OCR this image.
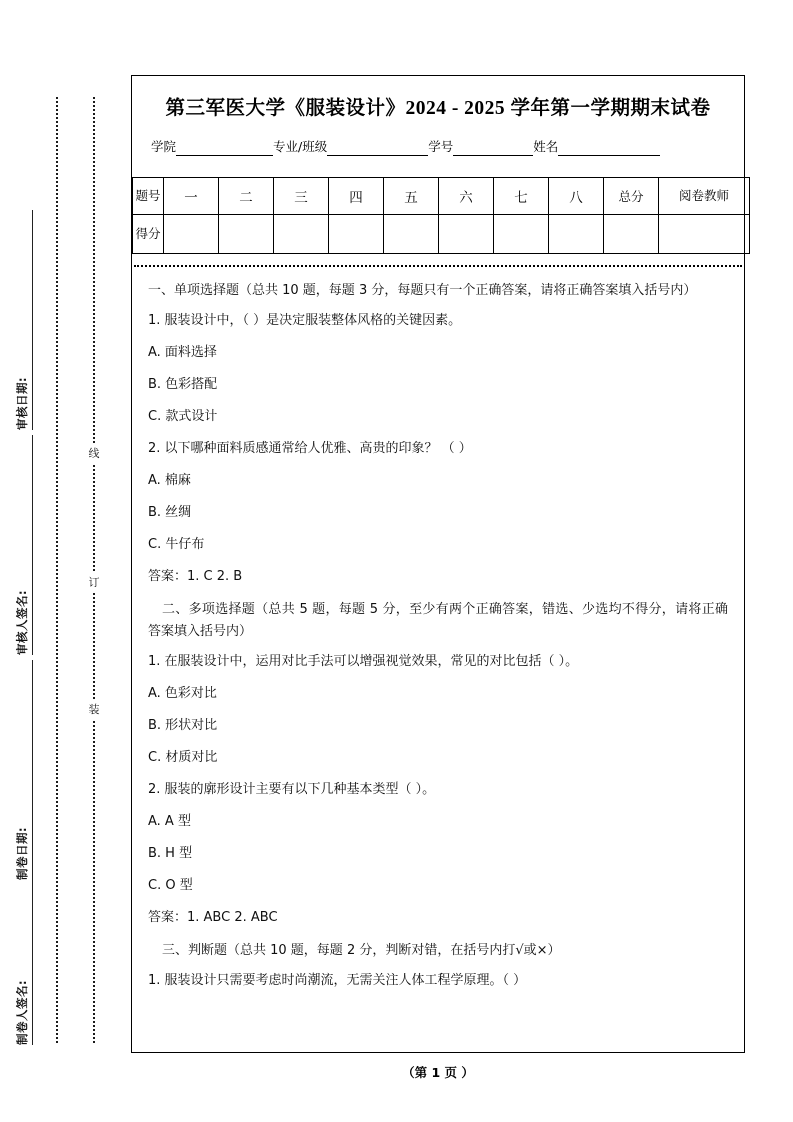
线
订
装
审核日期:
审核人签名:
制卷日期:
制卷人签名:
第三军医大学《服装设计》2024 - 2025 学年第一学期期末试卷
学院	专业/班级	学号	姓名
题号	一	二	三	四	五	六	七	八	总分	阅卷教师
得分										
一、单项选择题（总共 10 题，每题 3 分，每题只有一个正确答案，请将正确答案填入括号内）
1. 服装设计中，（ ）是决定服装整体风格的关键因素。
A. 面料选择
B. 色彩搭配
C. 款式设计
2. 以下哪种面料质感通常给人优雅、高贵的印象？ （ ）
A. 棉麻
B. 丝绸
C. 牛仔布
答案：1. C 2. B
二、多项选择题（总共 5 题，每题 5 分，至少有两个正确答案，错选、少选均不得分，请将正确答案填入括号内）
1. 在服装设计中，运用对比手法可以增强视觉效果，常见的对比包括（ ）。
A. 色彩对比
B. 形状对比
C. 材质对比
2. 服装的廓形设计主要有以下几种基本类型（ ）。
A. A 型
B. H 型
C. O 型
答案：1. ABC 2. ABC
三、判断题（总共 10 题，每题 2 分，判断对错，在括号内打√或×）
1. 服装设计只需要考虑时尚潮流，无需关注人体工程学原理。（ ）
（第 1 页 ）
